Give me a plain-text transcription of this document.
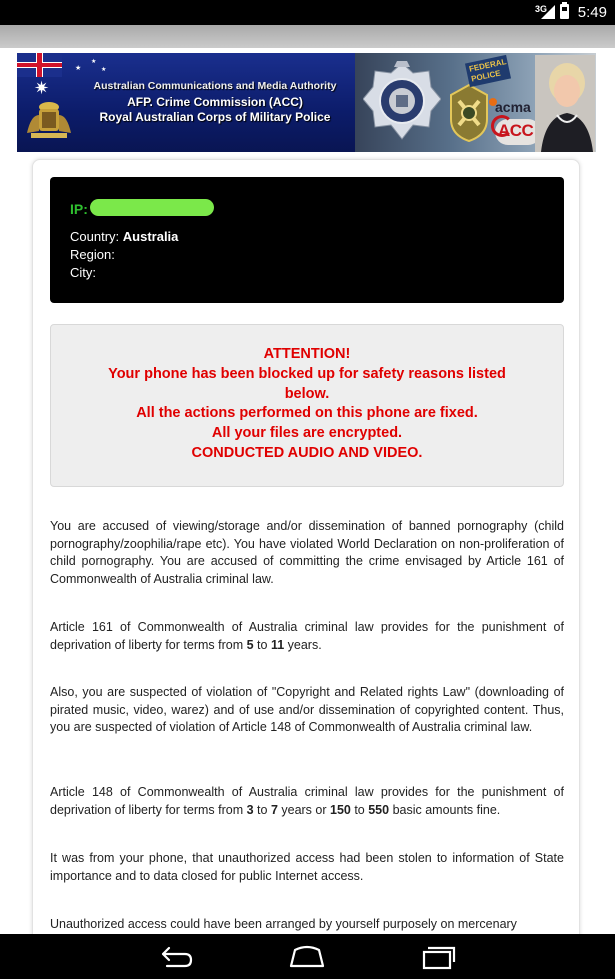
3G 5:49
★
★
★
✷	Australian Communications and Media Authority
AFP. Crime Commission (ACC)
Royal Australian Corps of Military Police
FEDERAL POLICE
acma
ACC
IP:
Country: Australia
Region:
City:
ATTENTION!
Your phone has been blocked up for safety reasons listed
below.
All the actions performed on this phone are fixed.
All your files are encrypted.
CONDUCTED AUDIO AND VIDEO.

You are accused of viewing/storage and/or dissemination of banned pornography (child pornography/zoophilia/rape etc). You have violated World Declaration on non-proliferation of child pornography. You are accused of committing the crime envisaged by Article 161 of Commonwealth of Australia criminal law.

Article 161 of Commonwealth of Australia criminal law provides for the punishment of deprivation of liberty for terms from 5 to 11 years.

Also, you are suspected of violation of "Copyright and Related rights Law" (downloading of pirated music, video, warez) and of use and/or dissemination of copyrighted content. Thus, you are suspected of violation of Article 148 of Commonwealth of Australia criminal law.

Article 148 of Commonwealth of Australia criminal law provides for the punishment of deprivation of liberty for terms from 3 to 7 years or 150 to 550 basic amounts fine.

It was from your phone, that unauthorized access had been stolen to information of State importance and to data closed for public Internet access.

Unauthorized access could have been arranged by yourself purposely on mercenary
